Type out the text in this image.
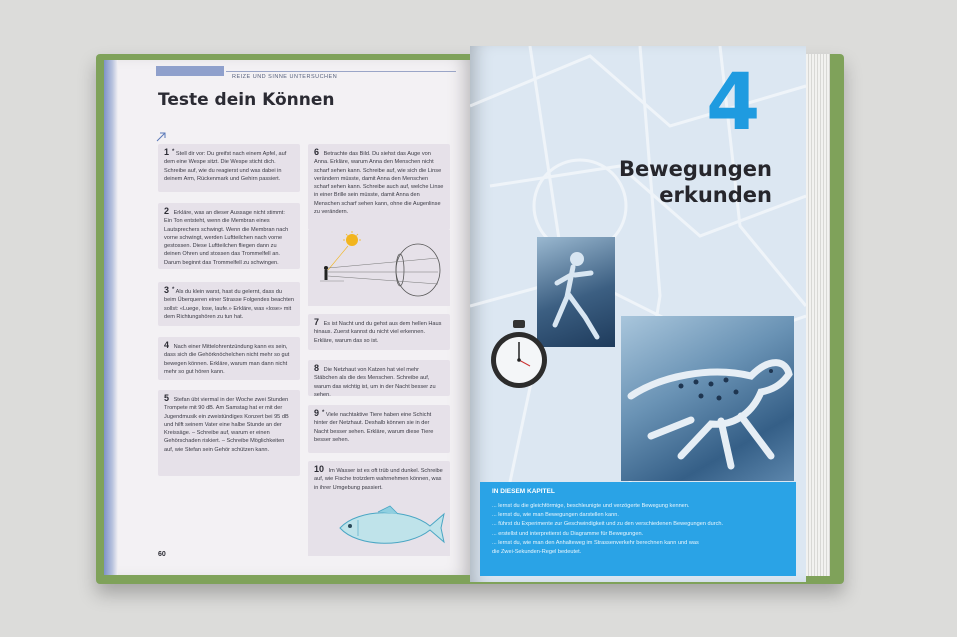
REIZE UND SINNE UNTERSUCHEN
Teste dein Können
1 * Stell dir vor: Du greifst nach einem Apfel, auf dem eine Wespe sitzt. Die Wespe sticht dich. Schreibe auf, wie du reagierst und was dabei in deinem Arm, Rückenmark und Gehirn passiert.
2 Erkläre, was an dieser Aussage nicht stimmt: Ein Ton entsteht, wenn die Membran eines Lautsprechers schwingt. Wenn die Membran nach vorne schwingt, werden Luftteilchen nach vorne gestossen. Diese Luftteilchen fliegen dann zu deinen Ohren und stossen das Trommelfell an. Darum beginnt das Trommelfell zu schwingen.
3 * Als du klein warst, hast du gelernt, dass du beim Überqueren einer Strasse Folgendes beachten sollst: «Luege, lose, laufe.» Erkläre, was «lose» mit dem Richtungshören zu tun hat.
4 Nach einer Mittelohrentzündung kann es sein, dass sich die Gehörknöchelchen nicht mehr so gut bewegen können. Erkläre, warum man dann nicht mehr so gut hören kann.
5 Stefan übt viermal in der Woche zwei Stunden Trompete mit 90 dB. Am Samstag hat er mit der Jugendmusik ein zweistündiges Konzert bei 95 dB und hilft seinem Vater eine halbe Stunde an der Kreissäge. – Schreibe auf, warum er einen Gehörschaden riskiert. – Schreibe Möglichkeiten auf, wie Stefan sein Gehör schützen kann.
6 Betrachte das Bild. Du siehst das Auge von Anna. Erkläre, warum Anna den Menschen nicht scharf sehen kann. Schreibe auf, wie sich die Linse verändern müsste, damit Anna den Menschen scharf sehen kann. Schreibe auch auf, welche Linse in einer Brille sein müsste, damit Anna den Menschen scharf sehen kann, ohne die Augenlinse zu verändern.
7 Es ist Nacht und du gehst aus dem hellen Haus hinaus. Zuerst kannst du nicht viel erkennen. Erkläre, warum das so ist.
8 Die Netzhaut von Katzen hat viel mehr Stäbchen als die des Menschen. Schreibe auf, warum das wichtig ist, um in der Nacht besser zu sehen.
9 * Viele nachtaktive Tiere haben eine Schicht hinter der Netzhaut. Deshalb können sie in der Nacht besser sehen. Erkläre, warum diese Tiere besser sehen.
10 Im Wasser ist es oft trüb und dunkel. Schreibe auf, wie Fische trotzdem wahrnehmen können, was in ihrer Umgebung passiert.
60
4
Bewegungen
erkunden
IN DIESEM KAPITEL
... lernst du die gleichförmige, beschleunigte und verzögerte Bewegung kennen.
... lernst du, wie man Bewegungen darstellen kann.
... führst du Experimente zur Geschwindigkeit und zu den verschiedenen Bewegungen durch.
... erstellst und interpretierst du Diagramme für Bewegungen.
... lernst du, wie man den Anhalteweg im Strassenverkehr berechnen kann und was
die Zwei-Sekunden-Regel bedeutet.
